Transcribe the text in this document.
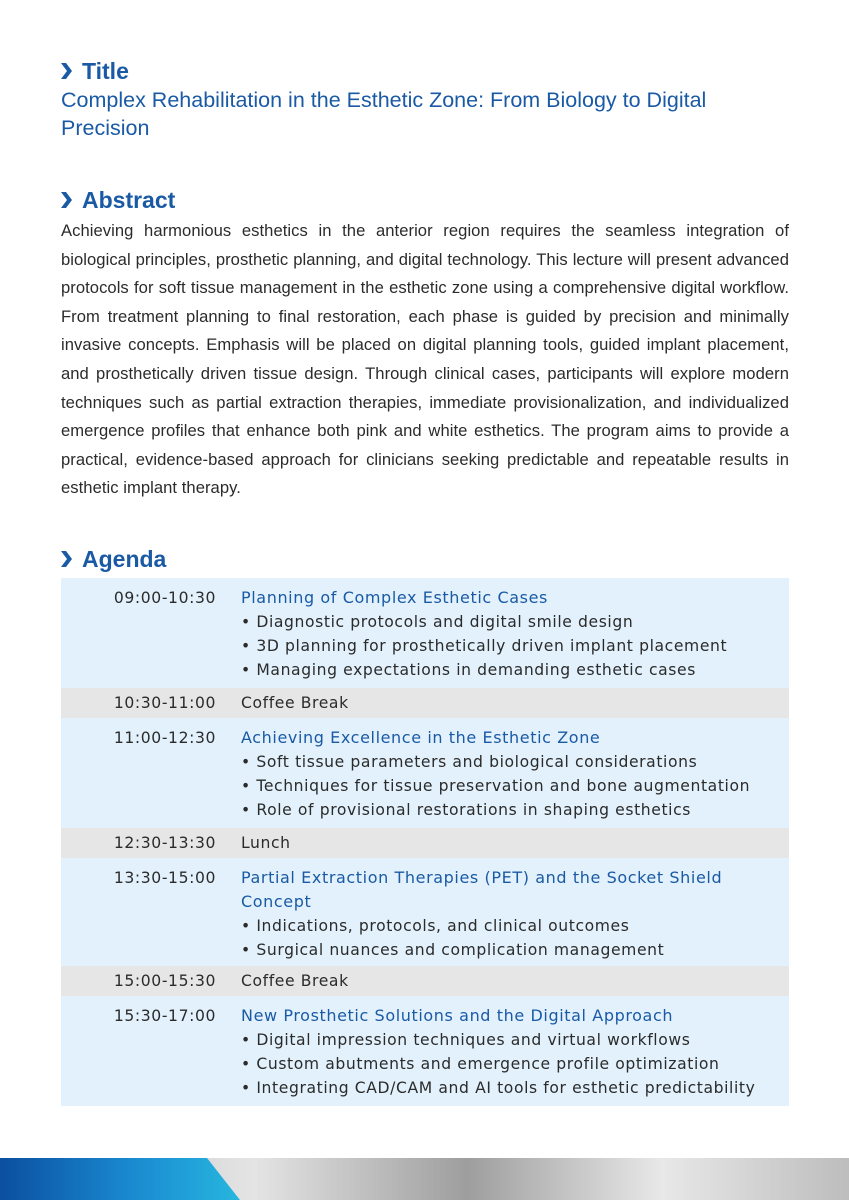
Title

Complex Rehabilitation in the Esthetic Zone: From Biology to Digital Precision

Abstract

Achieving harmonious esthetics in the anterior region requires the seamless integration of biological principles, prosthetic planning, and digital technology. This lecture will present advanced protocols for soft tissue management in the esthetic zone using a comprehensive digital workflow. From treatment planning to final restoration, each phase is guided by precision and minimally invasive concepts. Emphasis will be placed on digital planning tools, guided implant placement, and prosthetically driven tissue design. Through clinical cases, participants will explore modern techniques such as partial extraction therapies, immediate provisionalization, and individualized emergence profiles that enhance both pink and white esthetics. The program aims to provide a practical, evidence-based approach for clinicians seeking predictable and repeatable results in esthetic implant therapy.

Agenda
09:00-10:30 Planning of Complex Esthetic Cases
• Diagnostic protocols and digital smile design
• 3D planning for prosthetically driven implant placement
• Managing expectations in demanding esthetic cases
10:30-11:00 Coffee Break
11:00-12:30 Achieving Excellence in the Esthetic Zone
• Soft tissue parameters and biological considerations
• Techniques for tissue preservation and bone augmentation
• Role of provisional restorations in shaping esthetics
12:30-13:30 Lunch
13:30-15:00 Partial Extraction Therapies (PET) and the Socket Shield Concept
• Indications, protocols, and clinical outcomes
• Surgical nuances and complication management
15:00-15:30 Coffee Break
15:30-17:00 New Prosthetic Solutions and the Digital Approach
• Digital impression techniques and virtual workflows
• Custom abutments and emergence profile optimization
• Integrating CAD/CAM and AI tools for esthetic predictability
